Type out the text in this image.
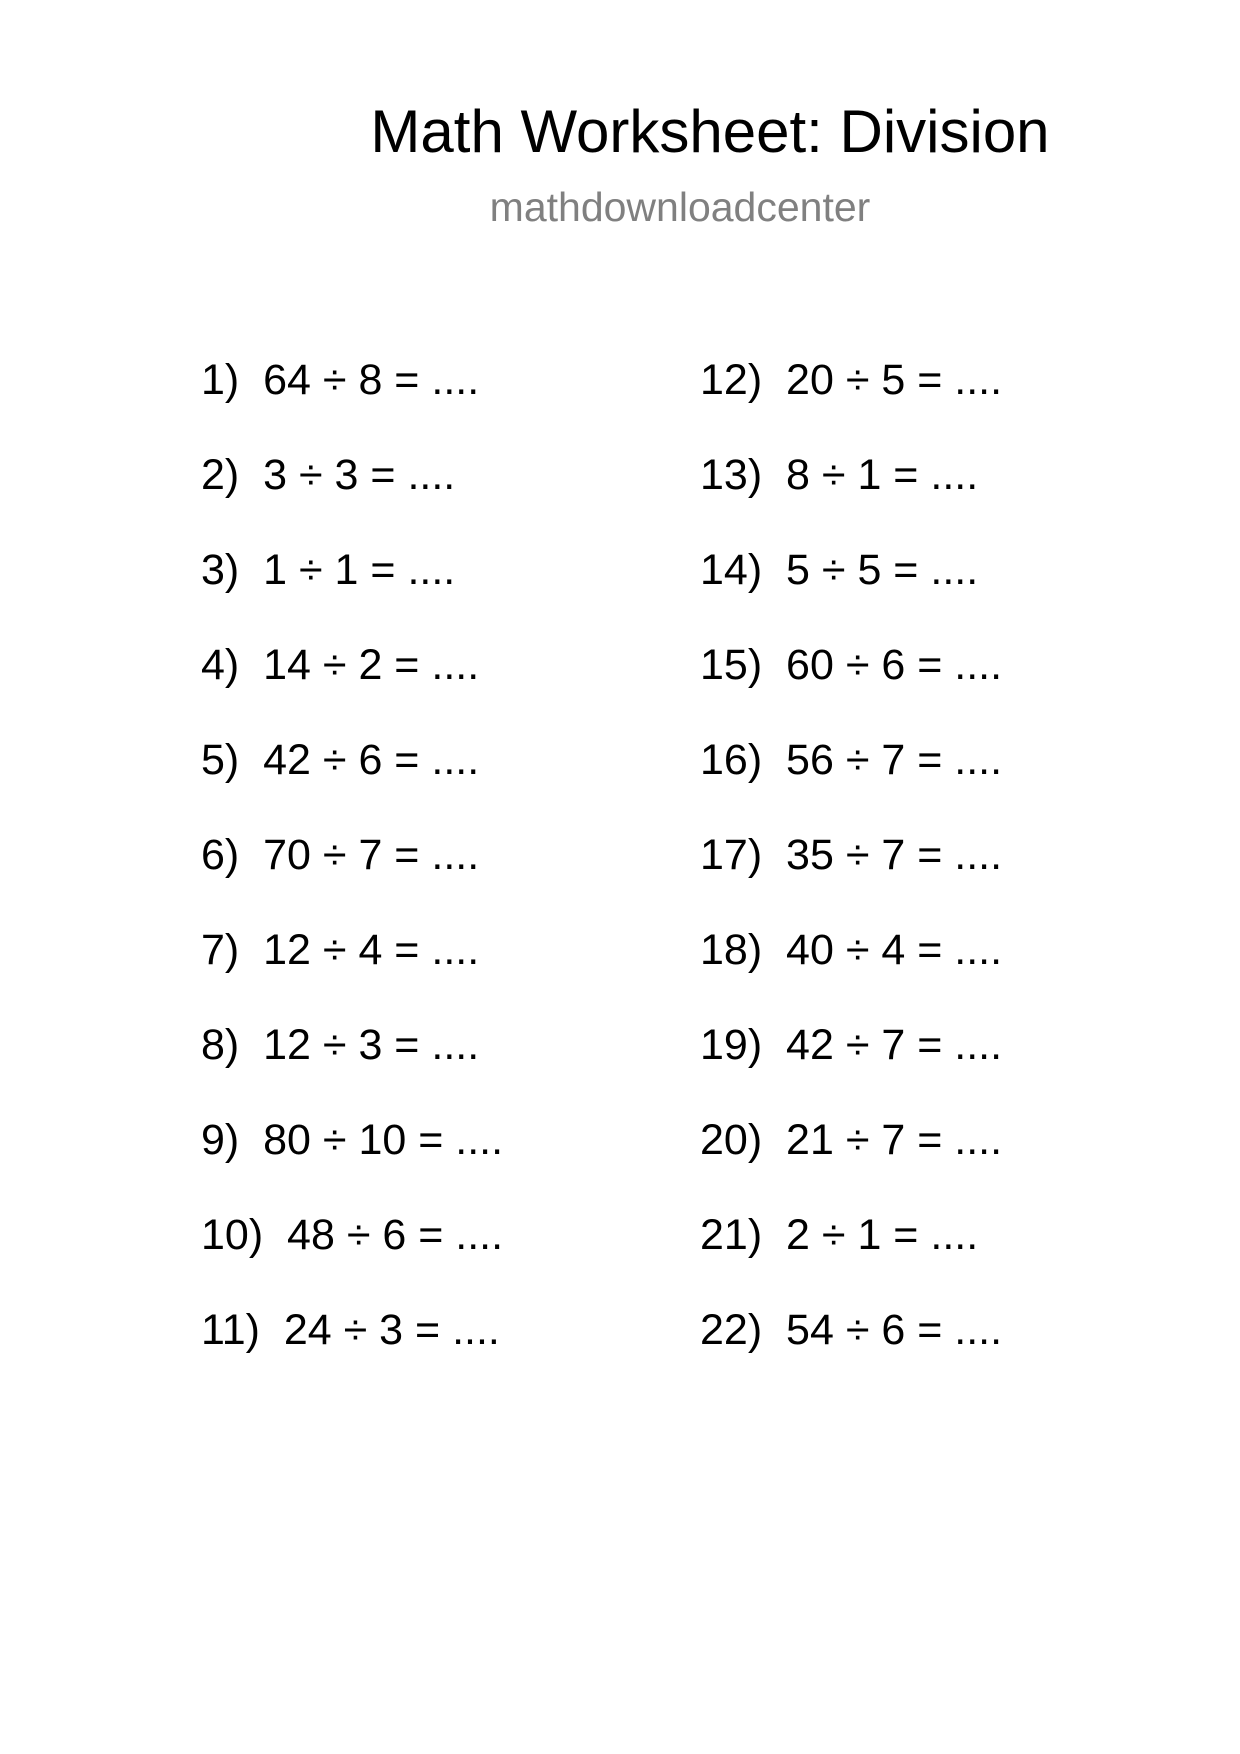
Math Worksheet: Division
mathdownloadcenter
1)  64 ÷ 8 = ....
2)  3 ÷ 3 = ....
3)  1 ÷ 1 = ....
4)  14 ÷ 2 = ....
5)  42 ÷ 6 = ....
6)  70 ÷ 7 = ....
7)  12 ÷ 4 = ....
8)  12 ÷ 3 = ....
9)  80 ÷ 10 = ....
10)  48 ÷ 6 = ....
11)  24 ÷ 3 = ....
12)  20 ÷ 5 = ....
13)  8 ÷ 1 = ....
14)  5 ÷ 5 = ....
15)  60 ÷ 6 = ....
16)  56 ÷ 7 = ....
17)  35 ÷ 7 = ....
18)  40 ÷ 4 = ....
19)  42 ÷ 7 = ....
20)  21 ÷ 7 = ....
21)  2 ÷ 1 = ....
22)  54 ÷ 6 = ....
